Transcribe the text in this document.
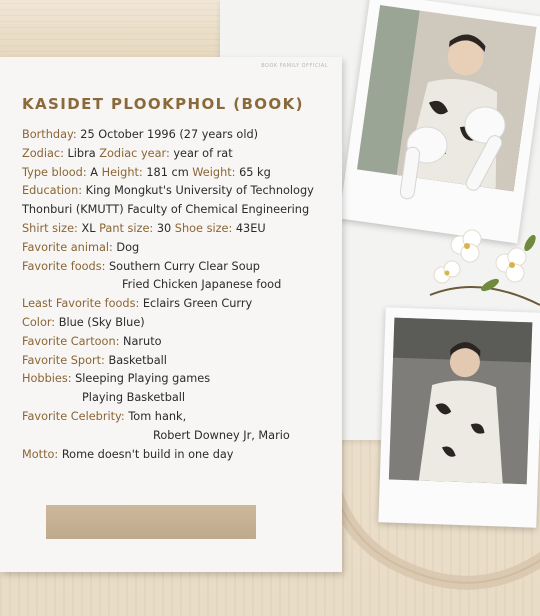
BOOK FAMILY OFFICIAL
KASIDET PLOOKPHOL (BOOK)
Borthday: 25 October 1996 (27 years old)
Zodiac: Libra Zodiac year: year of rat
Type blood: A Height: 181 cm Weight: 65 kg
Education: King Mongkut's University of Technology Thonburi (KMUTT) Faculty of Chemical Engineering
Shirt size: XL Pant size: 30 Shoe size: 43EU
Favorite animal: Dog
Favorite foods: Southern Curry Clear Soup
Fried Chicken Japanese food
Least Favorite foods: Eclairs Green Curry
Color: Blue (Sky Blue)
Favorite Cartoon: Naruto
Favorite Sport: Basketball
Hobbies: Sleeping Playing games
Playing Basketball
Favorite Celebrity: Tom hank,
Robert Downey Jr, Mario
Motto: Rome doesn't build in one day
